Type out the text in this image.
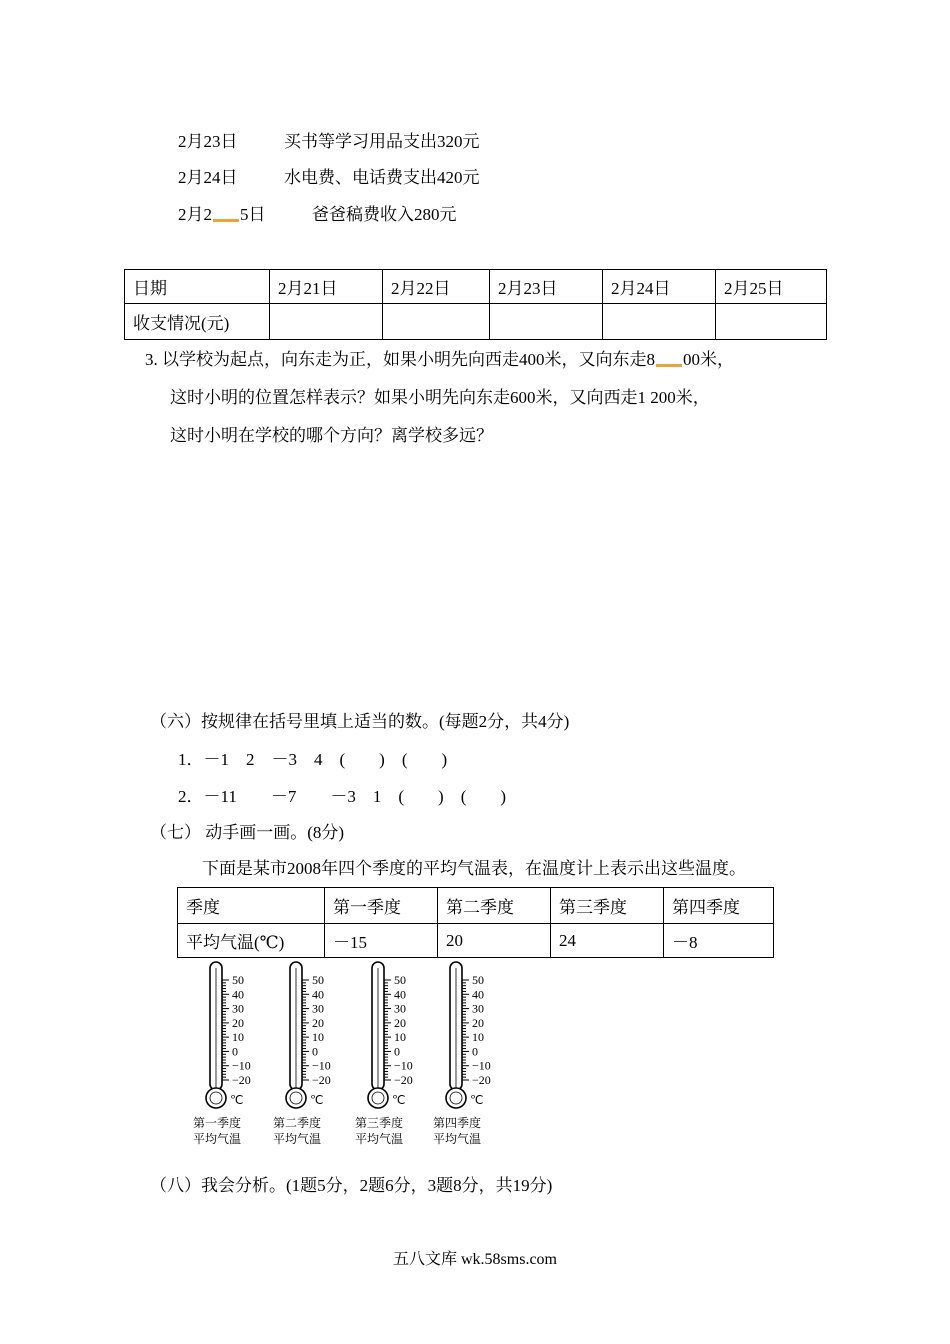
2月23日	买书等学习用品支出320元
2月24日	水电费、电话费支出420元
2月2 5日	爸爸稿费收入280元
日期	2月21日	2月22日	2月23日	2月24日	2月25日
收支情况(元)					
3. 以学校为起点，向东走为正，如果小明先向西走400米，又向东走8 00米，
这时小明的位置怎样表示？如果小明先向东走600米，又向西走1 200米，
这时小明在学校的哪个方向？离学校多远？
（六）按规律在括号里填上适当的数。(每题2分，共4分)
1．－1　2　－3　4　(　　)　(　　)
2．－11　　－7　　－3　1　(　　)　(　　)
（七） 动手画一画。(8分)
下面是某市2008年四个季度的平均气温表，在温度计上表示出这些温度。
季度	第一季度	第二季度	第三季度	第四季度
平均气温(℃)	－15	20	24	－8
50
40
30
20
10
0
−10
−20
℃
第一季度
平均气温
50
40
30
20
10
0
−10
−20
℃
第二季度
平均气温
50
40
30
20
10
0
−10
−20
℃
第三季度
平均气温
50
40
30
20
10
0
−10
−20
℃
第四季度
平均气温
（八）我会分析。(1题5分，2题6分，3题8分，共19分)
五八文库 wk.58sms.com
